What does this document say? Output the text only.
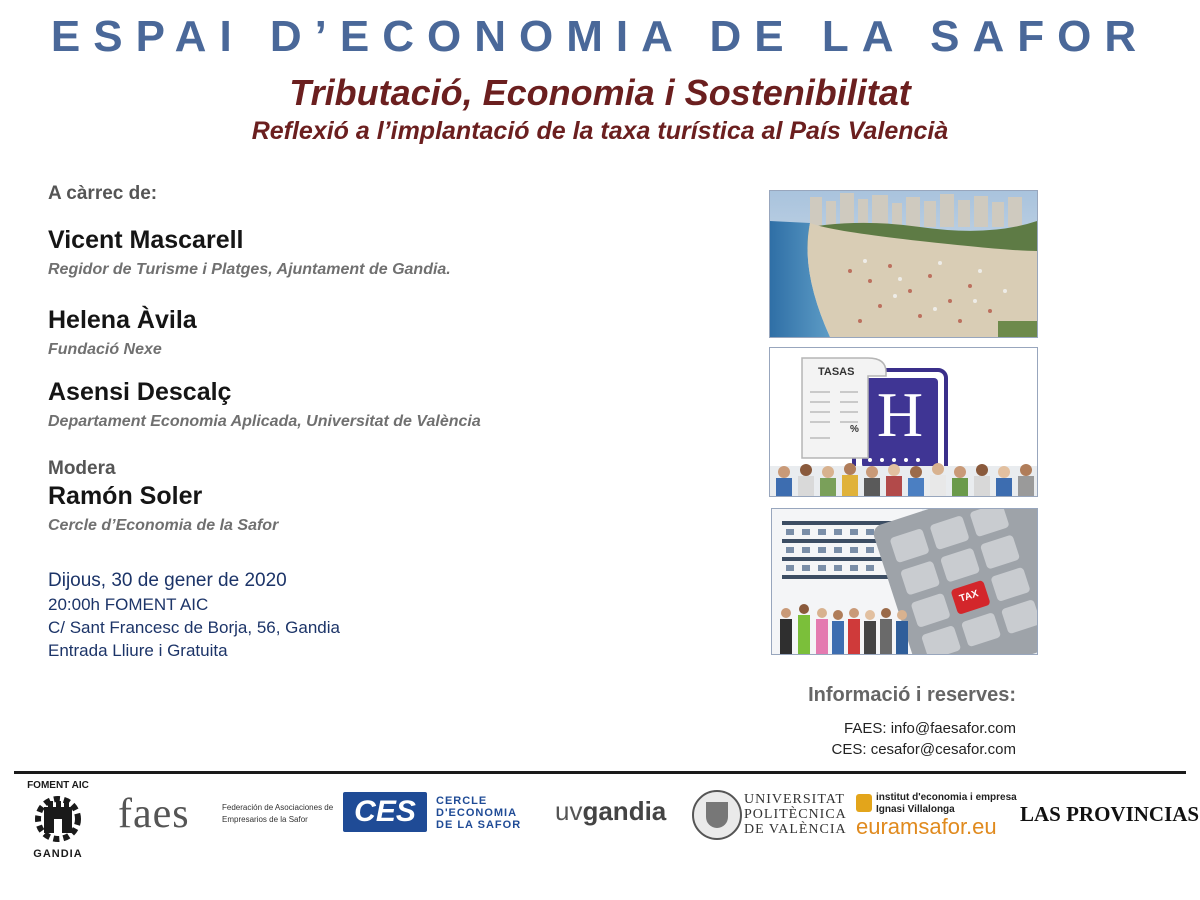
ESPAI D’ECONOMIA DE LA SAFOR
Tributació, Economia i Sostenibilitat
Reflexió a l’implantació de la taxa turística al País Valencià
A càrrec de:
Vicent Mascarell
Regidor de Turisme i Platges, Ajuntament de Gandia.
Helena Àvila
Fundació Nexe
Asensi Descalç
Departament Economia Aplicada, Universitat de València
Modera
Ramón Soler
Cercle d’Economia de la Safor
Dijous, 30 de gener de 2020
20:00h FOMENT AIC
C/ Sant Francesc de Borja, 56, Gandia
Entrada Lliure i Gratuita
TASAS
% H
TAX
Informació i reserves:
FAES: info@faesafor.com
CES: cesafor@cesafor.com
FOMENT AIC
GANDIA
faes	Federación de Asociaciones de
Empresarios de la Safor	CES	CERCLE
D'ECONOMIA
DE LA SAFOR uvgandia	UNIVERSITAT
POLITÈCNICA
DE VALÈNCIA
institut d'economia i empresa
Ignasi Villalonga
euramsafor.eu LAS PROVINCIAS
